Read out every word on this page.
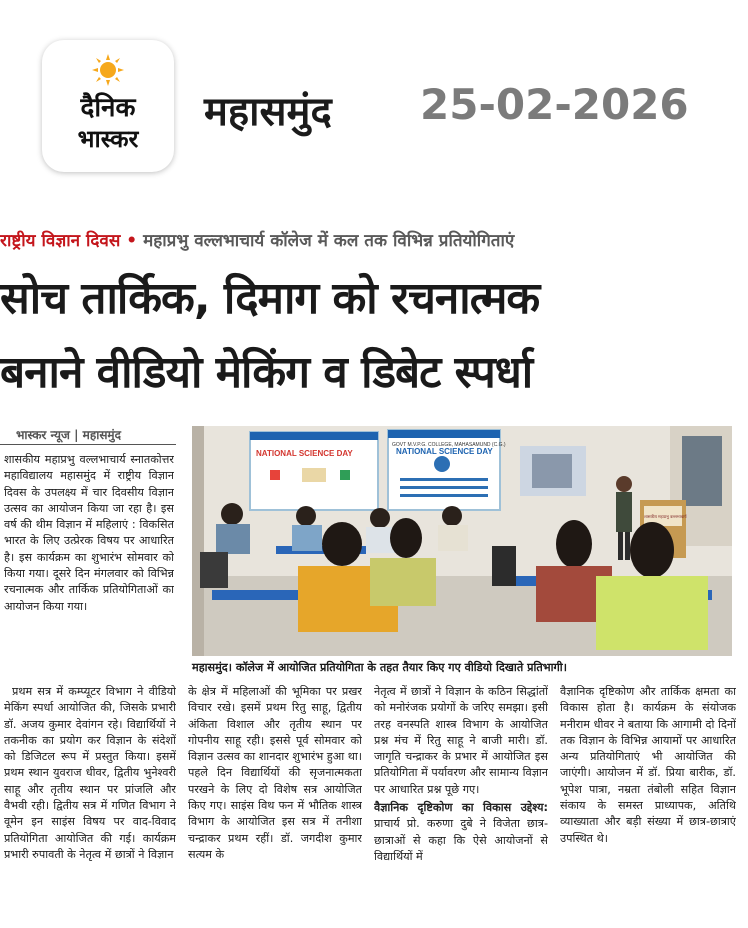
दैनिक
भास्कर
महासमुंद 25-02-2026
राष्ट्रीय विज्ञान दिवस • महाप्रभु वल्लभाचार्य कॉलेज में कल तक विभिन्न प्रतियोगिताएं
सोच तार्किक, दिमाग को रचनात्मक
बनाने वीडियो मेकिंग व डिबेट स्पर्धा
भास्कर न्यूज | महासमुंद

शासकीय महाप्रभु वल्लभाचार्य स्नातकोत्तर महाविद्यालय महासमुंद में राष्ट्रीय विज्ञान दिवस के उपलक्ष्य में चार दिवसीय विज्ञान उत्सव का आयोजन किया जा रहा है। इस वर्ष की थीम विज्ञान में महिलाएं : विकसित भारत के लिए उत्प्रेरक विषय पर आधारित है। इस कार्यक्रम का शुभारंभ सोमवार को किया गया। दूसरे दिन मंगलवार को विभिन्न रचनात्मक और तार्किक प्रतियोगिताओं का आयोजन किया गया।

NATIONAL SCIENCE DAY
GOVT M.V.P.G. COLLEGE, MAHASAMUND (C.G.)
NATIONAL SCIENCE DAY
शासकीय महाप्रभु वल्लभाचार्य
महासमुंद। कॉलेज में आयोजित प्रतियोगिता के तहत तैयार किए गए वीडियो दिखाते प्रतिभागी।

प्रथम सत्र में कम्प्यूटर विभाग ने वीडियो मेकिंग स्पर्धा आयोजित की, जिसके प्रभारी डॉ. अजय कुमार देवांगन रहे। विद्यार्थियों ने तकनीक का प्रयोग कर विज्ञान के संदेशों को डिजिटल रूप में प्रस्तुत किया। इसमें प्रथम स्थान युवराज धीवर, द्वितीय भुनेश्वरी साहू और तृतीय स्थान पर प्रांजलि और वैभवी रही। द्वितीय सत्र में गणित विभाग ने वूमेन इन साइंस विषय पर वाद-विवाद प्रतियोगिता आयोजित की गई। कार्यक्रम प्रभारी रुपावती के नेतृत्व में छात्रों ने विज्ञान

के क्षेत्र में महिलाओं की भूमिका पर प्रखर विचार रखे। इसमें प्रथम रितु साहू, द्वितीय अंकिता विशाल और तृतीय स्थान पर गोपनीय साहू रही। इससे पूर्व सोमवार को विज्ञान उत्सव का शानदार शुभारंभ हुआ था। पहले दिन विद्यार्थियों की सृजनात्मकता परखने के लिए दो विशेष सत्र आयोजित किए गए। साइंस विथ फन में भौतिक शास्त्र विभाग के आयोजित इस सत्र में तनीशा चन्द्राकर प्रथम रहीं। डॉ. जगदीश कुमार सत्यम के

नेतृत्व में छात्रों ने विज्ञान के कठिन सिद्धांतों को मनोरंजक प्रयोगों के जरिए समझा। इसी तरह वनस्पति शास्त्र विभाग के आयोजित प्रश्न मंच में रितु साहू ने बाजी मारी। डॉ. जागृति चन्द्राकर के प्रभार में आयोजित इस प्रतियोगिता में पर्यावरण और सामान्य विज्ञान पर आधारित प्रश्न पूछे गए।

वैज्ञानिक दृष्टिकोण का विकास उद्देश्य: प्राचार्य प्रो. करुणा दुबे ने विजेता छात्र-छात्राओं से कहा कि ऐसे आयोजनों से विद्यार्थियों में

वैज्ञानिक दृष्टिकोण और तार्किक क्षमता का विकास होता है। कार्यक्रम के संयोजक मनीराम धीवर ने बताया कि आगामी दो दिनों तक विज्ञान के विभिन्न आयामों पर आधारित अन्य प्रतियोगिताएं भी आयोजित की जाएंगी। आयोजन में डॉ. प्रिया बारीक, डॉ. भूपेश पात्रा, नम्रता तंबोली सहित विज्ञान संकाय के समस्त प्राध्यापक, अतिथि व्याख्याता और बड़ी संख्या में छात्र-छात्राएं उपस्थित थे।
